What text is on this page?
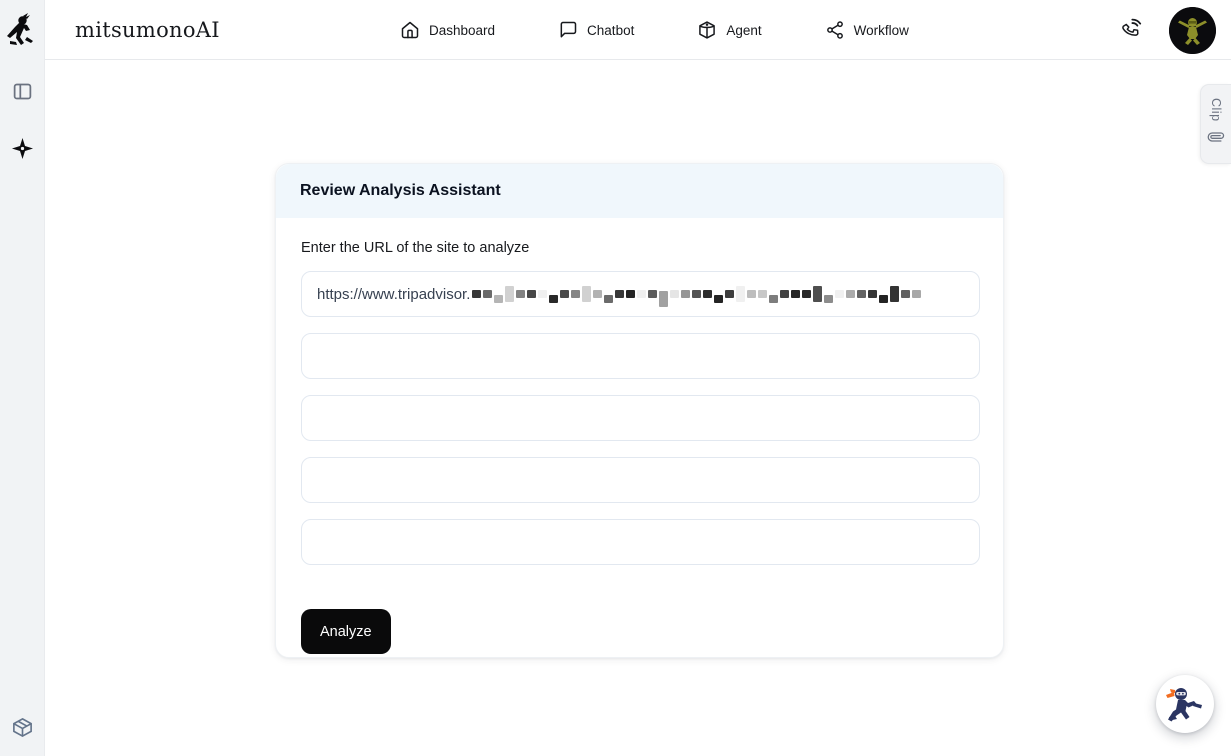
mitsumonoAI	Dashboard	Chatbot	Agent	Workflow
Clip
Review Analysis Assistant
Enter the URL of the site to analyze
https://www.tripadvisor.
Analyze
